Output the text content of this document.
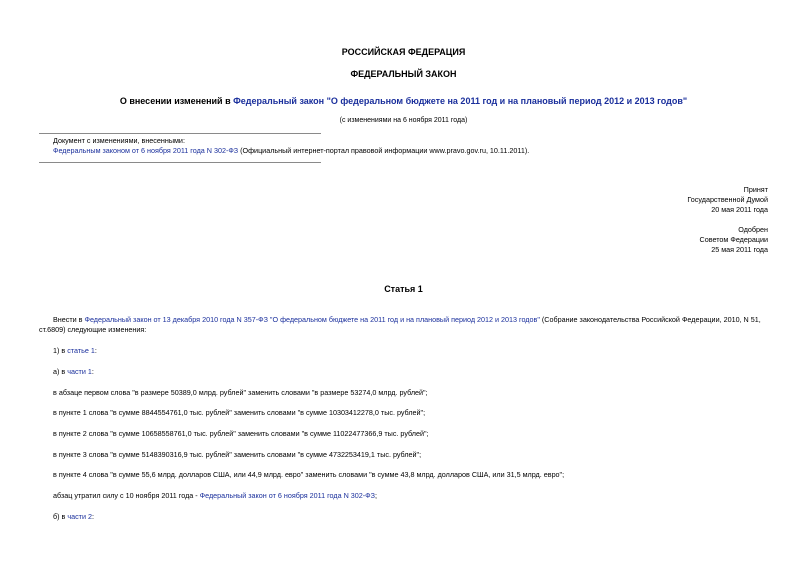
РОССИЙСКАЯ ФЕДЕРАЦИЯ
ФЕДЕРАЛЬНЫЙ ЗАКОН
О внесении изменений в Федеральный закон "О федеральном бюджете на 2011 год и на плановый период 2012 и 2013 годов"
(с изменениями на 6 ноября 2011 года)
Документ с изменениями, внесенными:
Федеральным законом от 6 ноября 2011 года N 302-ФЗ (Официальный интернет-портал правовой информации www.pravo.gov.ru, 10.11.2011).
Принят
Государственной Думой
20 мая 2011 года
Одобрен
Советом Федерации
25 мая 2011 года
Статья 1
Внести в Федеральный закон от 13 декабря 2010 года N 357-ФЗ "О федеральном бюджете на 2011 год и на плановый период 2012 и 2013 годов" (Собрание законодательства Российской Федерации, 2010, N 51,
ст.6809) следующие изменения:
1) в статье 1:
а) в части 1:
в абзаце первом слова "в размере 50389,0 млрд. рублей" заменить словами "в размере 53274,0 млрд. рублей";
в пункте 1 слова "в сумме 8844554761,0 тыс. рублей" заменить словами "в сумме 10303412278,0 тыс. рублей";
в пункте 2 слова "в сумме 10658558761,0 тыс. рублей" заменить словами "в сумме 11022477366,9 тыс. рублей";
в пункте 3 слова "в сумме 5148390316,9 тыс. рублей" заменить словами "в сумме 4732253419,1 тыс. рублей";
в пункте 4 слова "в сумме 55,6 млрд. долларов США, или 44,9 млрд. евро" заменить словами "в сумме 43,8 млрд. долларов США, или 31,5 млрд. евро";
абзац утратил силу с 10 ноября 2011 года - Федеральный закон от 6 ноября 2011 года N 302-ФЗ;
б) в части 2:
